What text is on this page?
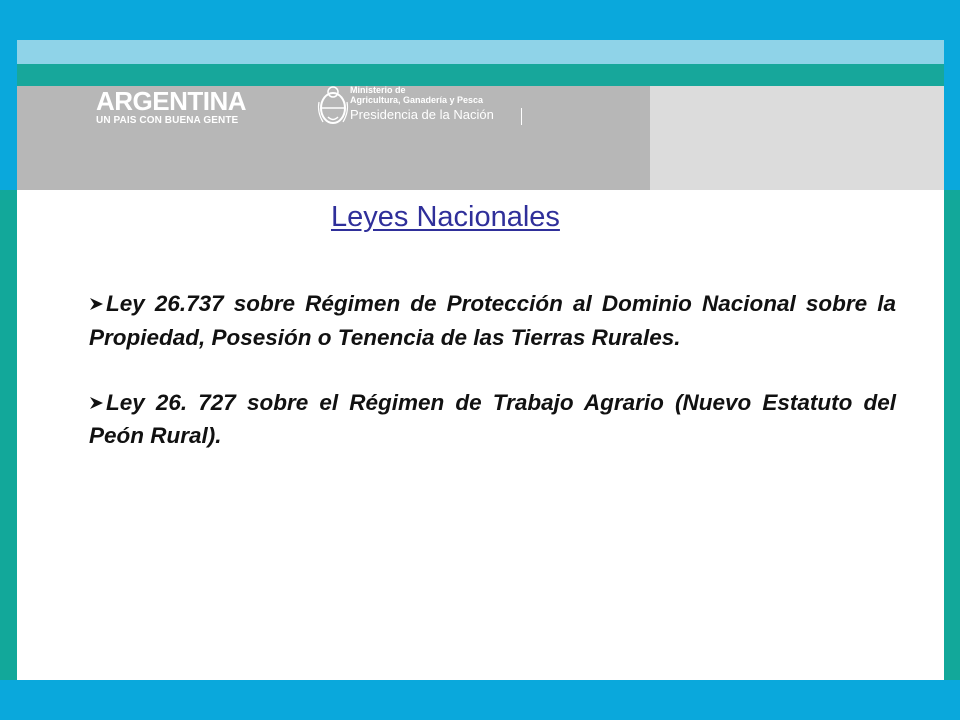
ARGENTINA
UN PAIS CON BUENA GENTE
Ministerio de
Agricultura, Ganadería y Pesca
Presidencia de la Nación
Leyes Nacionales
Ley 26.737 sobre Régimen de Protección al Dominio Nacional sobre la Propiedad, Posesión o Tenencia de las Tierras Rurales.
Ley 26. 727 sobre el Régimen de Trabajo Agrario (Nuevo Estatuto del Peón Rural).
